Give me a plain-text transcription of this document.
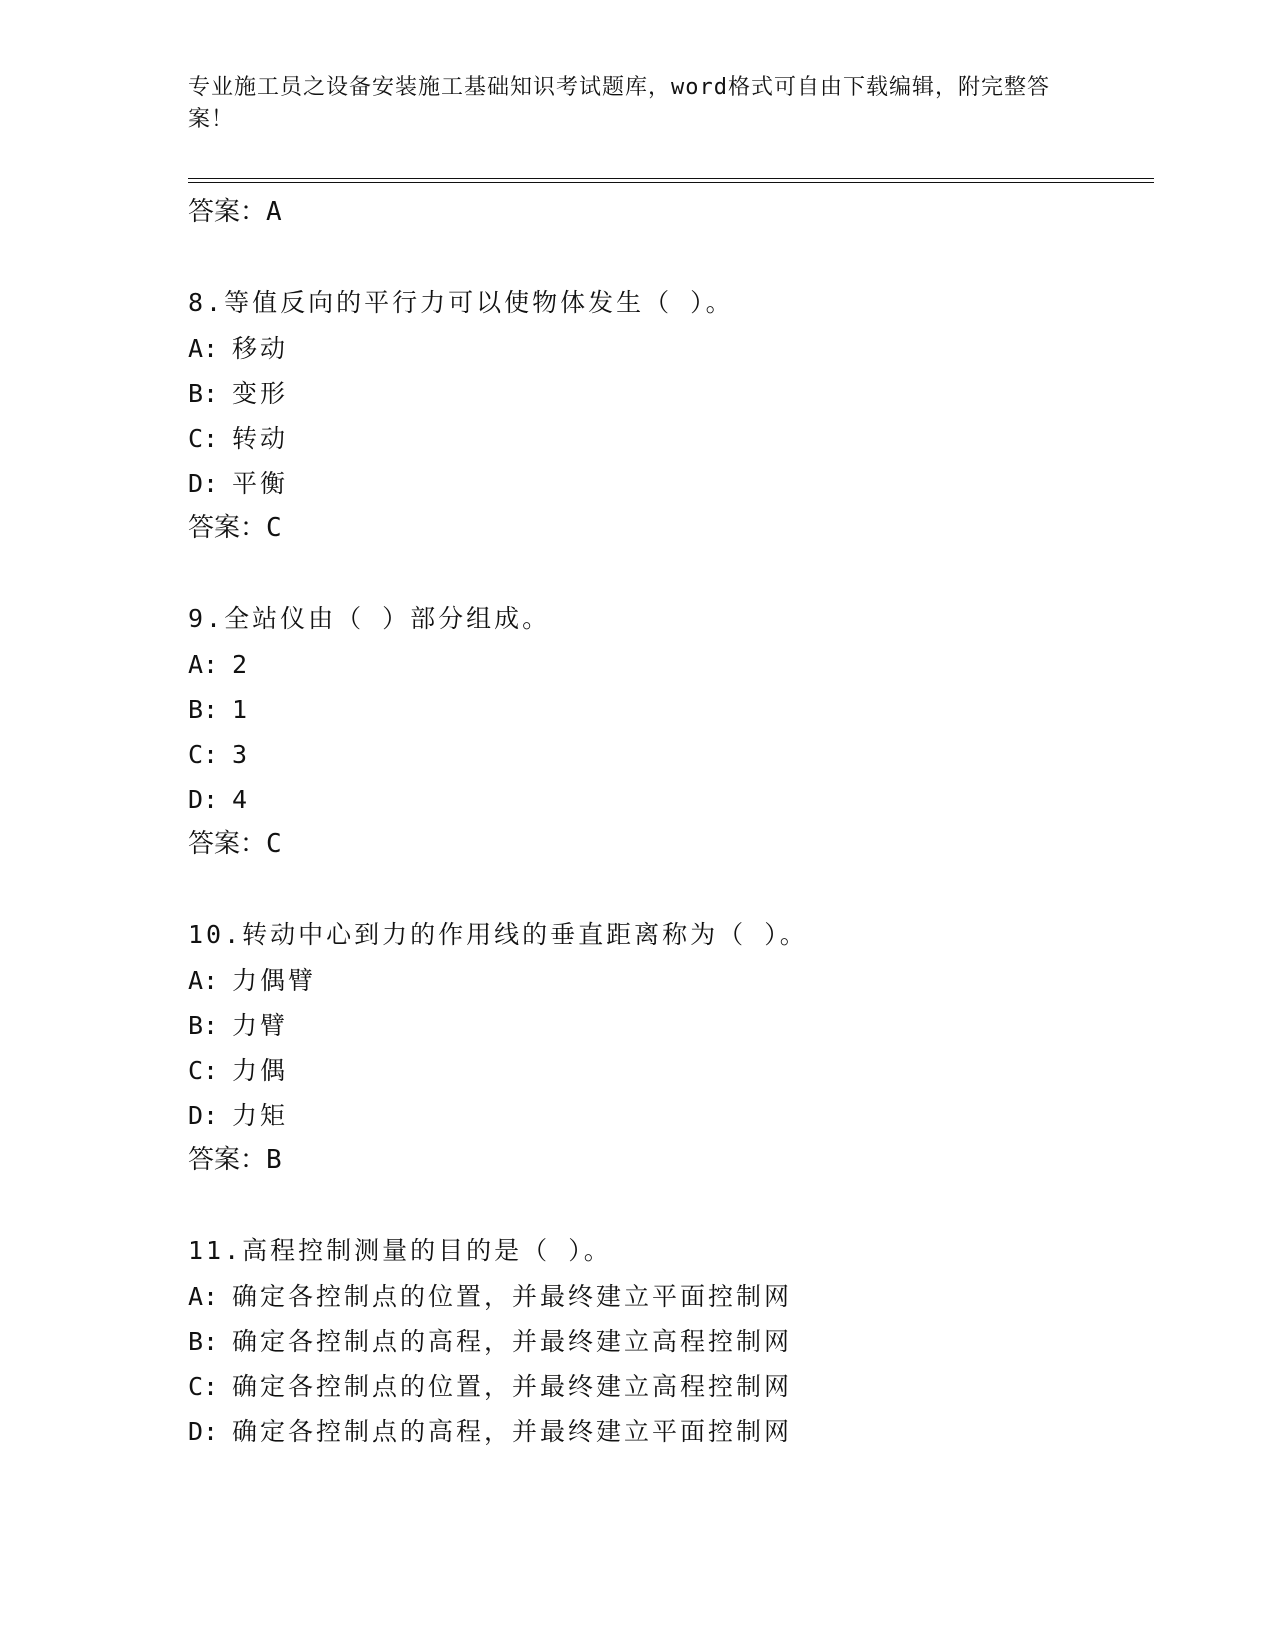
专业施工员之设备安装施工基础知识考试题库，word格式可自由下载编辑，附完整答案！
答案：A
8.等值反向的平行力可以使物体发生（ ）。
A: 移动
B: 变形
C: 转动
D: 平衡
答案：C
9.全站仪由（ ）部分组成。
A: 2
B: 1
C: 3
D: 4
答案：C
10.转动中心到力的作用线的垂直距离称为（ ）。
A: 力偶臂
B: 力臂
C: 力偶
D: 力矩
答案：B
11.高程控制测量的目的是（ ）。
A: 确定各控制点的位置，并最终建立平面控制网
B: 确定各控制点的高程，并最终建立高程控制网
C: 确定各控制点的位置，并最终建立高程控制网
D: 确定各控制点的高程，并最终建立平面控制网
